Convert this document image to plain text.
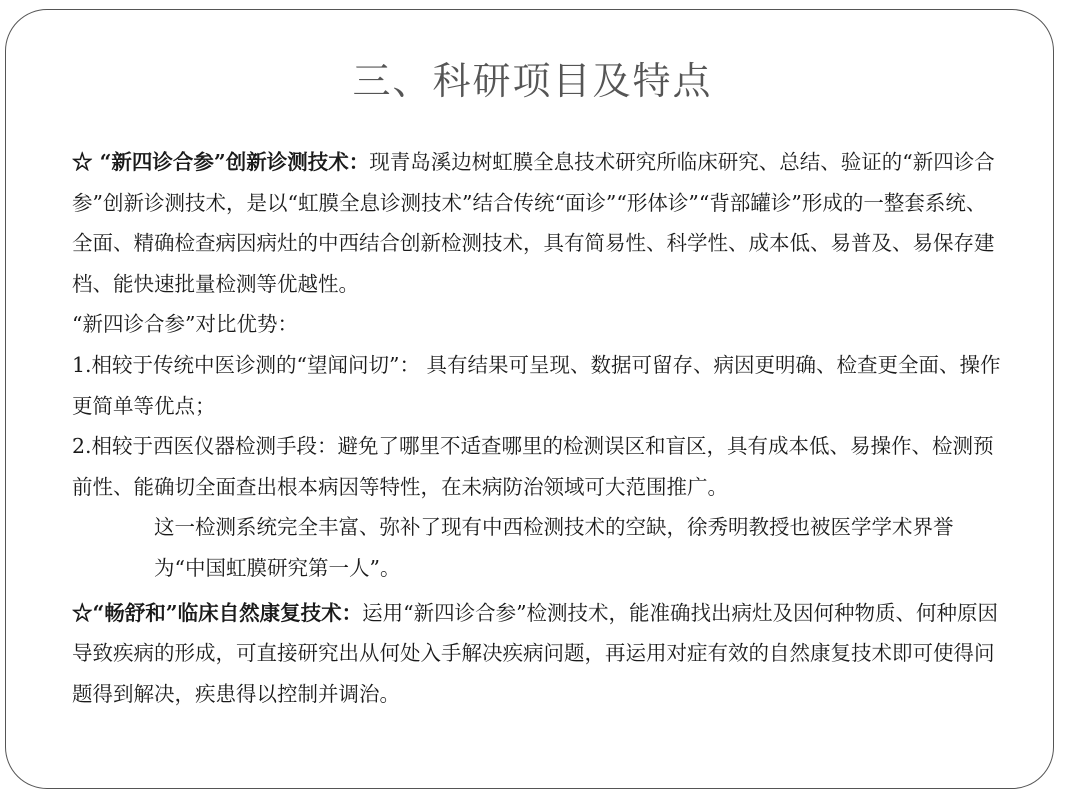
三、科研项目及特点

☆ “新四诊合参”创新诊测技术：现青岛溪边树虹膜全息技术研究所临床研究、总结、验证的“新四诊合参”创新诊测技术，是以“虹膜全息诊测技术”结合传统“面诊”“形体诊”“背部罐诊”形成的一整套系统、全面、精确检查病因病灶的中西结合创新检测技术，具有简易性、科学性、成本低、易普及、易保存建档、能快速批量检测等优越性。

“新四诊合参”对比优势：

1.相较于传统中医诊测的“望闻问切”： 具有结果可呈现、数据可留存、病因更明确、检查更全面、操作更简单等优点；

2.相较于西医仪器检测手段：避免了哪里不适查哪里的检测误区和盲区，具有成本低、易操作、检测预前性、能确切全面查出根本病因等特性，在未病防治领域可大范围推广。

这一检测系统完全丰富、弥补了现有中西检测技术的空缺，徐秀明教授也被医学学术界誉为“中国虹膜研究第一人”。

☆“畅舒和”临床自然康复技术：运用“新四诊合参”检测技术，能准确找出病灶及因何种物质、何种原因导致疾病的形成，可直接研究出从何处入手解决疾病问题，再运用对症有效的自然康复技术即可使得问题得到解决，疾患得以控制并调治。
